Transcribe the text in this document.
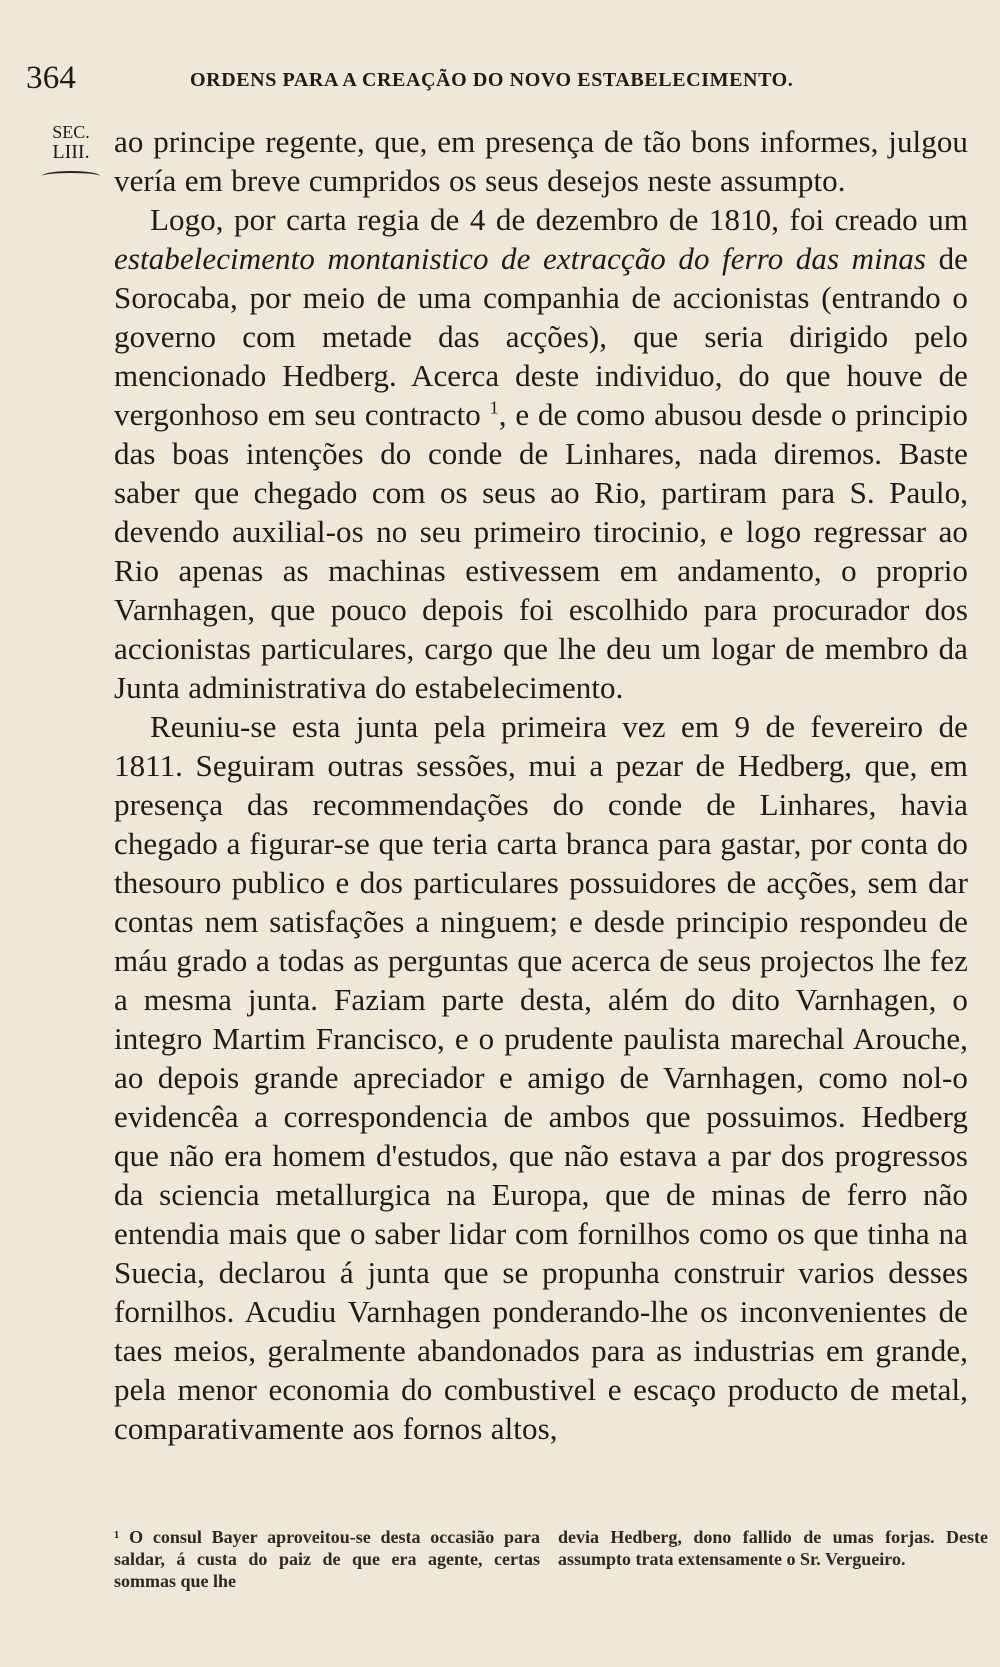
364	ORDENS PARA A CREAÇÃO DO NOVO ESTABELECIMENTO.
SEC.
LIII. ao principe regente, que, em presença de tão bons informes, julgou vería em breve cumpridos os seus desejos neste assumpto.

Logo, por carta regia de 4 de dezembro de 1810, foi creado um estabelecimento montanistico de extracção do ferro das minas de Sorocaba, por meio de uma companhia de accionistas (entrando o governo com metade das acções), que seria dirigido pelo mencionado Hedberg. Acerca deste individuo, do que houve de vergonhoso em seu contracto $^1$, e de como abusou desde o principio das boas intenções do conde de Linhares, nada diremos. Baste saber que chegado com os seus ao Rio, partiram para S. Paulo, devendo auxilial-os no seu primeiro tirocinio, e logo regressar ao Rio apenas as machinas estivessem em andamento, o proprio Varnhagen, que pouco depois foi escolhido para procurador dos accionistas particulares, cargo que lhe deu um logar de membro da Junta administrativa do estabelecimento.

Reuniu-se esta junta pela primeira vez em 9 de fevereiro de 1811. Seguiram outras sessões, mui a pezar de Hedberg, que, em presença das recommendações do conde de Linhares, havia chegado a figurar-se que teria carta branca para gastar, por conta do thesouro publico e dos particulares possuidores de acções, sem dar contas nem satisfações a ninguem; e desde principio respondeu de máu grado a todas as perguntas que acerca de seus projectos lhe fez a mesma junta. Faziam parte desta, além do dito Varnhagen, o integro Martim Francisco, e o prudente paulista marechal Arouche, ao depois grande apreciador e amigo de Varnhagen, como nol-o evidencêa a correspondencia de ambos que possuimos. Hedberg que não era homem d'estudos, que não estava a par dos progressos da sciencia metallurgica na Europa, que de minas de ferro não entendia mais que o saber lidar com fornilhos como os que tinha na Suecia, declarou á junta que se propunha construir varios desses fornilhos. Acudiu Varnhagen ponderando-lhe os inconvenientes de taes meios, geralmente abandonados para as industrias em grande, pela menor economia do combustivel e escaço producto de metal, comparativamente aos fornos altos,

¹ O consul Bayer aproveitou-se desta occasião para saldar, á custa do paiz de que era agente, certas sommas que lhe

devia Hedberg, dono fallido de umas forjas. Deste assumpto trata extensamente o Sr. Vergueiro.
